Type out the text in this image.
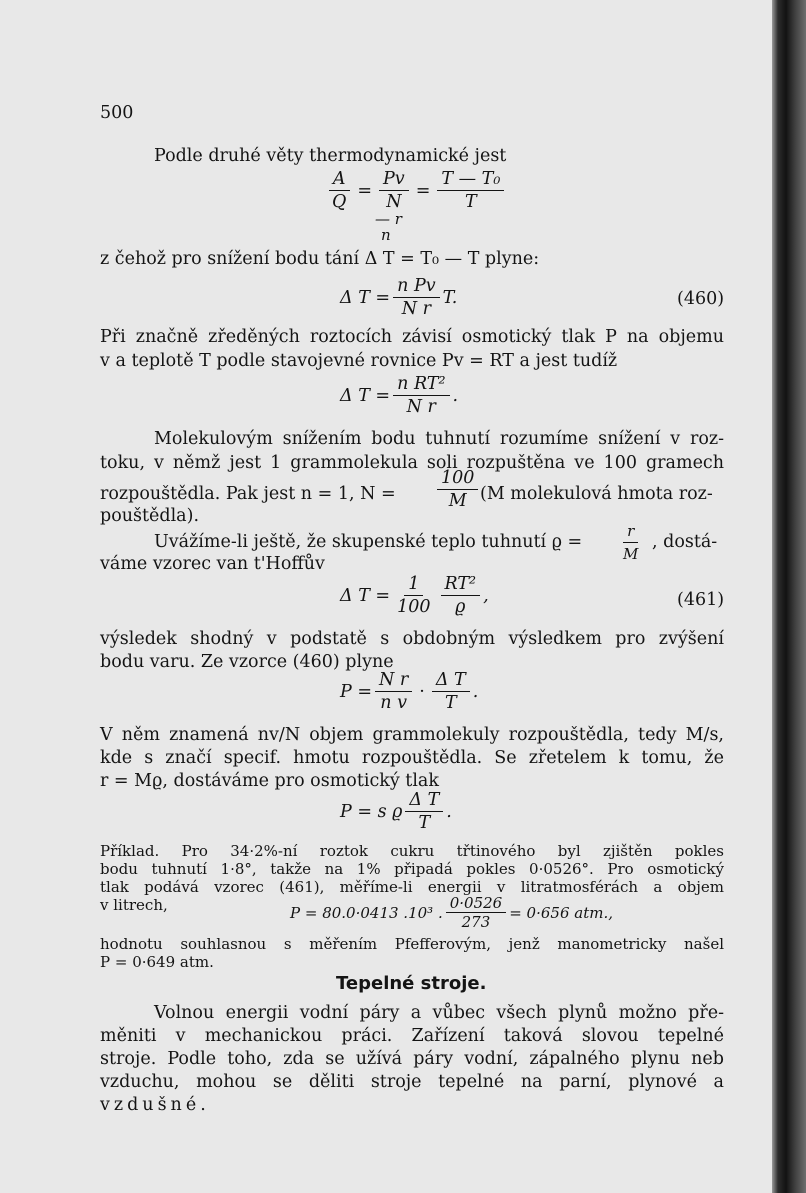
500
Podle druhé věty thermodynamické jest
$\frac{A}{Q} = \frac{Pv}{N} = \frac{\text{T — T₀}}{T}$
— r
n
z čehož pro snížení bodu tání Δ T = T₀ — T plyne:
Δ $T = \frac{\text{n Pv}}{\text{N r}} T$.	(460)
Při značně zředěných roztocích závisí osmotický tlak P na objemu
v a teplotě T podle stavojevné rovnice Pv = RT a jest tudíž
Δ $T = \frac{\text{n RT²}}{\text{N r}}$ .
Molekulovým snížením bodu tuhnutí rozumíme snížení v roz-
toku, v němž jest 1 grammolekula soli rozpuštěna ve 100 gramech
rozpouštědla. Pak jest n = 1, $N = \frac{100}{M} (M$ molekulová hmota roz-
pouštědla).
Uvážíme-li ještě, že skupenské teplo tuhnutí $ϱ = \frac{r}{M}$ , dostá-
váme vzorec van t'Hoffův
Δ $T = \frac{1}{100} \frac{\text{RT²}}{ϱ}$ ,	(461)
výsledek shodný v podstatě s obdobným výsledkem pro zvýšení
bodu varu. Ze vzorce (460) plyne
$P = \frac{\text{N r}}{\text{n v}} \cdot \frac{\text{Δ T}}{T}$ .
V něm znamená nv/N objem grammolekuly rozpouštědla, tedy M/s,
kde s značí specif. hmotu rozpouštědla. Se zřetelem k tomu, že
r = Mϱ, dostáváme pro osmotický tlak
P = s ϱ $\frac{\text{Δ T}}{T}$ .
Příklad. Pro 34·2%-ní roztok cukru třtinového byl zjištěn pokles
bodu tuhnutí 1·8°, takže na 1% připadá pokles 0·0526°. Pro osmotický
tlak podává vzorec (461), měříme-li energii v litratmosférách a objem
v litrech,	P = 80.0·0413 .10³ . $\frac{0\cdot 0526}{273} = 0\cdot 656$ atm.,
hodnotu souhlasnou s měřením Pfefferovým, jenž manometricky našel
P = 0·649 atm.
Tepelné stroje.
Volnou energii vodní páry a vůbec všech plynů možno pře-
měniti v mechanickou práci. Zařízení taková slovou tepelné
stroje. Podle toho, zda se užívá páry vodní, zápalného plynu neb
vzduchu, mohou se děliti stroje tepelné na parní, plynové a
vzdušné.
